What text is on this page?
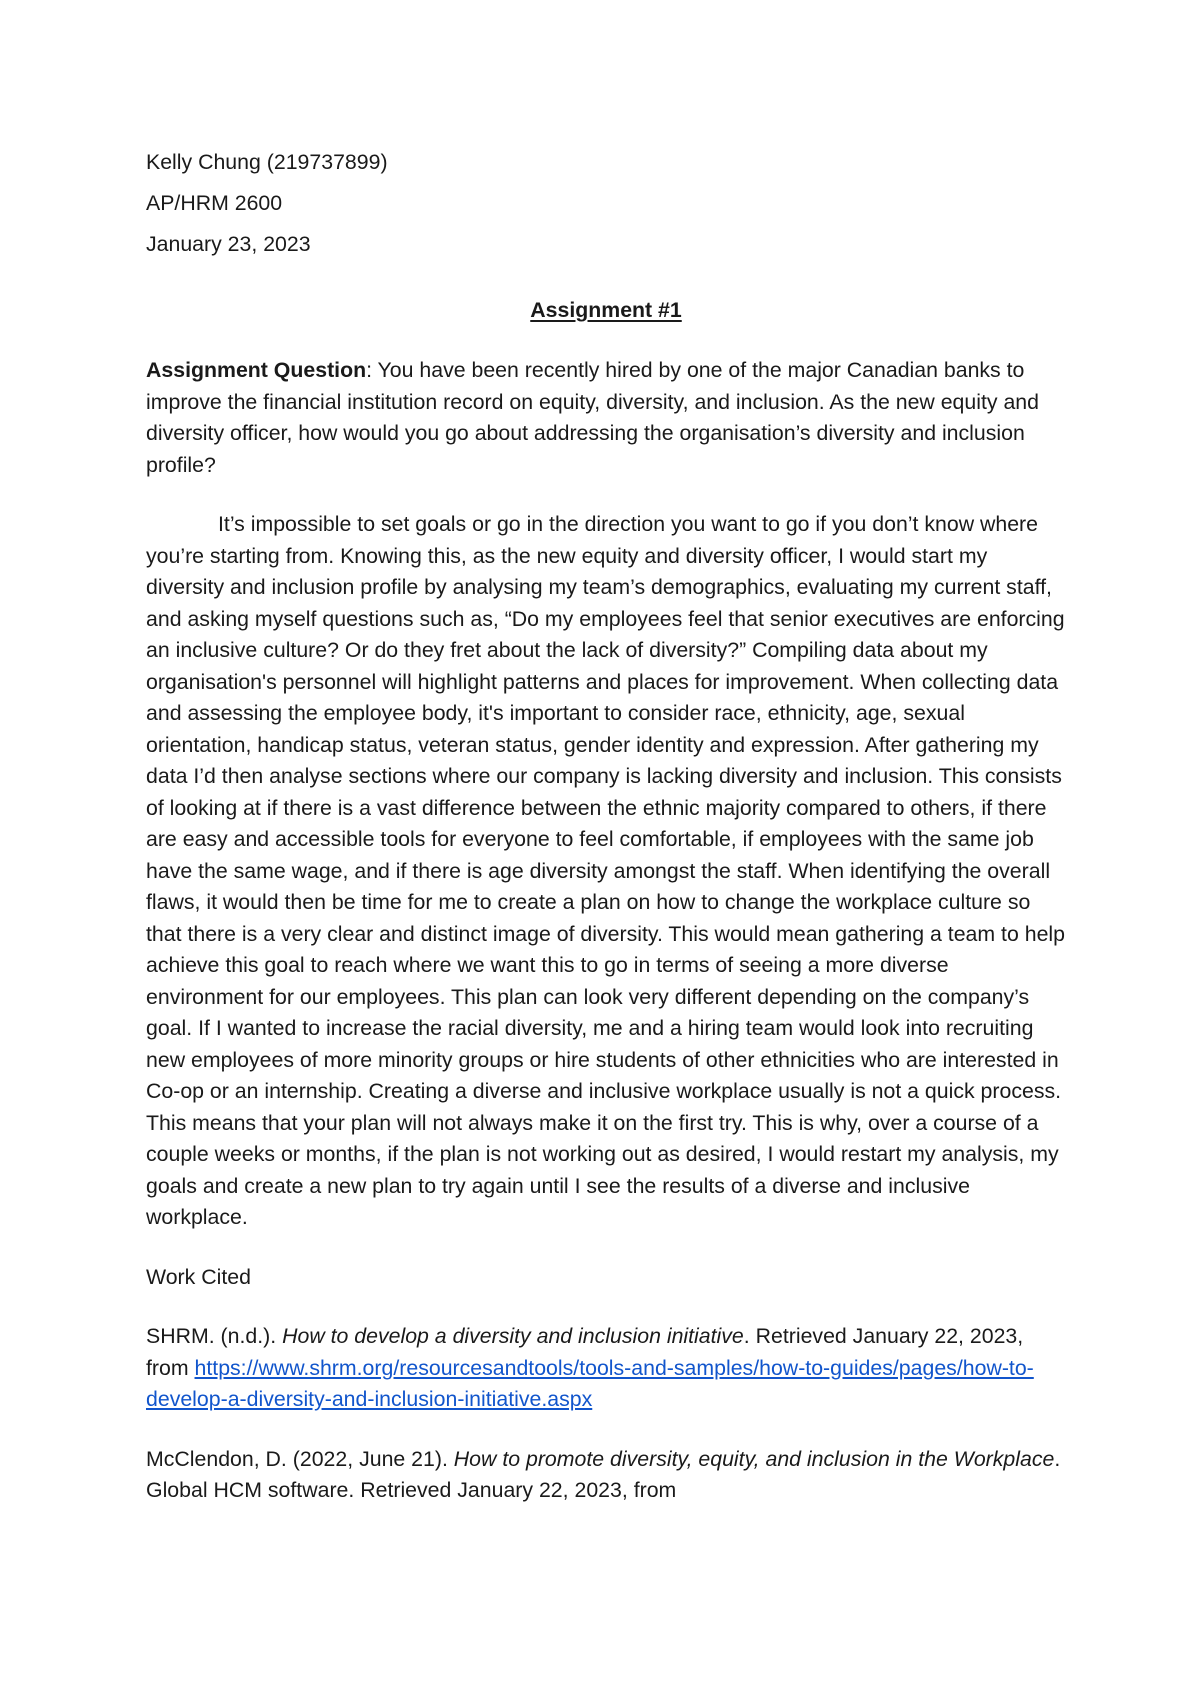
Kelly Chung (219737899)

AP/HRM 2600

January 23, 2023

Assignment #1

Assignment Question: You have been recently hired by one of the major Canadian banks to improve the financial institution record on equity, diversity, and inclusion. As the new equity and diversity officer, how would you go about addressing the organisation’s diversity and inclusion profile?

It’s impossible to set goals or go in the direction you want to go if you don’t know where you’re starting from. Knowing this, as the new equity and diversity officer, I would start my diversity and inclusion profile by analysing my team’s demographics, evaluating my current staff, and asking myself questions such as, “Do my employees feel that senior executives are enforcing an inclusive culture? Or do they fret about the lack of diversity?” Compiling data about my organisation's personnel will highlight patterns and places for improvement. When collecting data and assessing the employee body, it's important to consider race, ethnicity, age, sexual orientation, handicap status, veteran status, gender identity and expression. After gathering my data I’d then analyse sections where our company is lacking diversity and inclusion. This consists of looking at if there is a vast difference between the ethnic majority compared to others, if there are easy and accessible tools for everyone to feel comfortable, if employees with the same job have the same wage, and if there is age diversity amongst the staff. When identifying the overall flaws, it would then be time for me to create a plan on how to change the workplace culture so that there is a very clear and distinct image of diversity. This would mean gathering a team to help achieve this goal to reach where we want this to go in terms of seeing a more diverse environment for our employees. This plan can look very different depending on the company’s goal. If I wanted to increase the racial diversity, me and a hiring team would look into recruiting new employees of more minority groups or hire students of other ethnicities who are interested in Co-op or an internship. Creating a diverse and inclusive workplace usually is not a quick process. This means that your plan will not always make it on the first try. This is why, over a course of a couple weeks or months, if the plan is not working out as desired, I would restart my analysis, my goals and create a new plan to try again until I see the results of a diverse and inclusive workplace.

Work Cited

SHRM. (n.d.). How to develop a diversity and inclusion initiative. Retrieved January 22, 2023, from https://www.shrm.org/resourcesandtools/tools-and-samples/how-to-guides/pages/how-to-develop-a-diversity-and-inclusion-initiative.aspx

McClendon, D. (2022, June 21). How to promote diversity, equity, and inclusion in the Workplace. Global HCM software. Retrieved January 22, 2023, from
